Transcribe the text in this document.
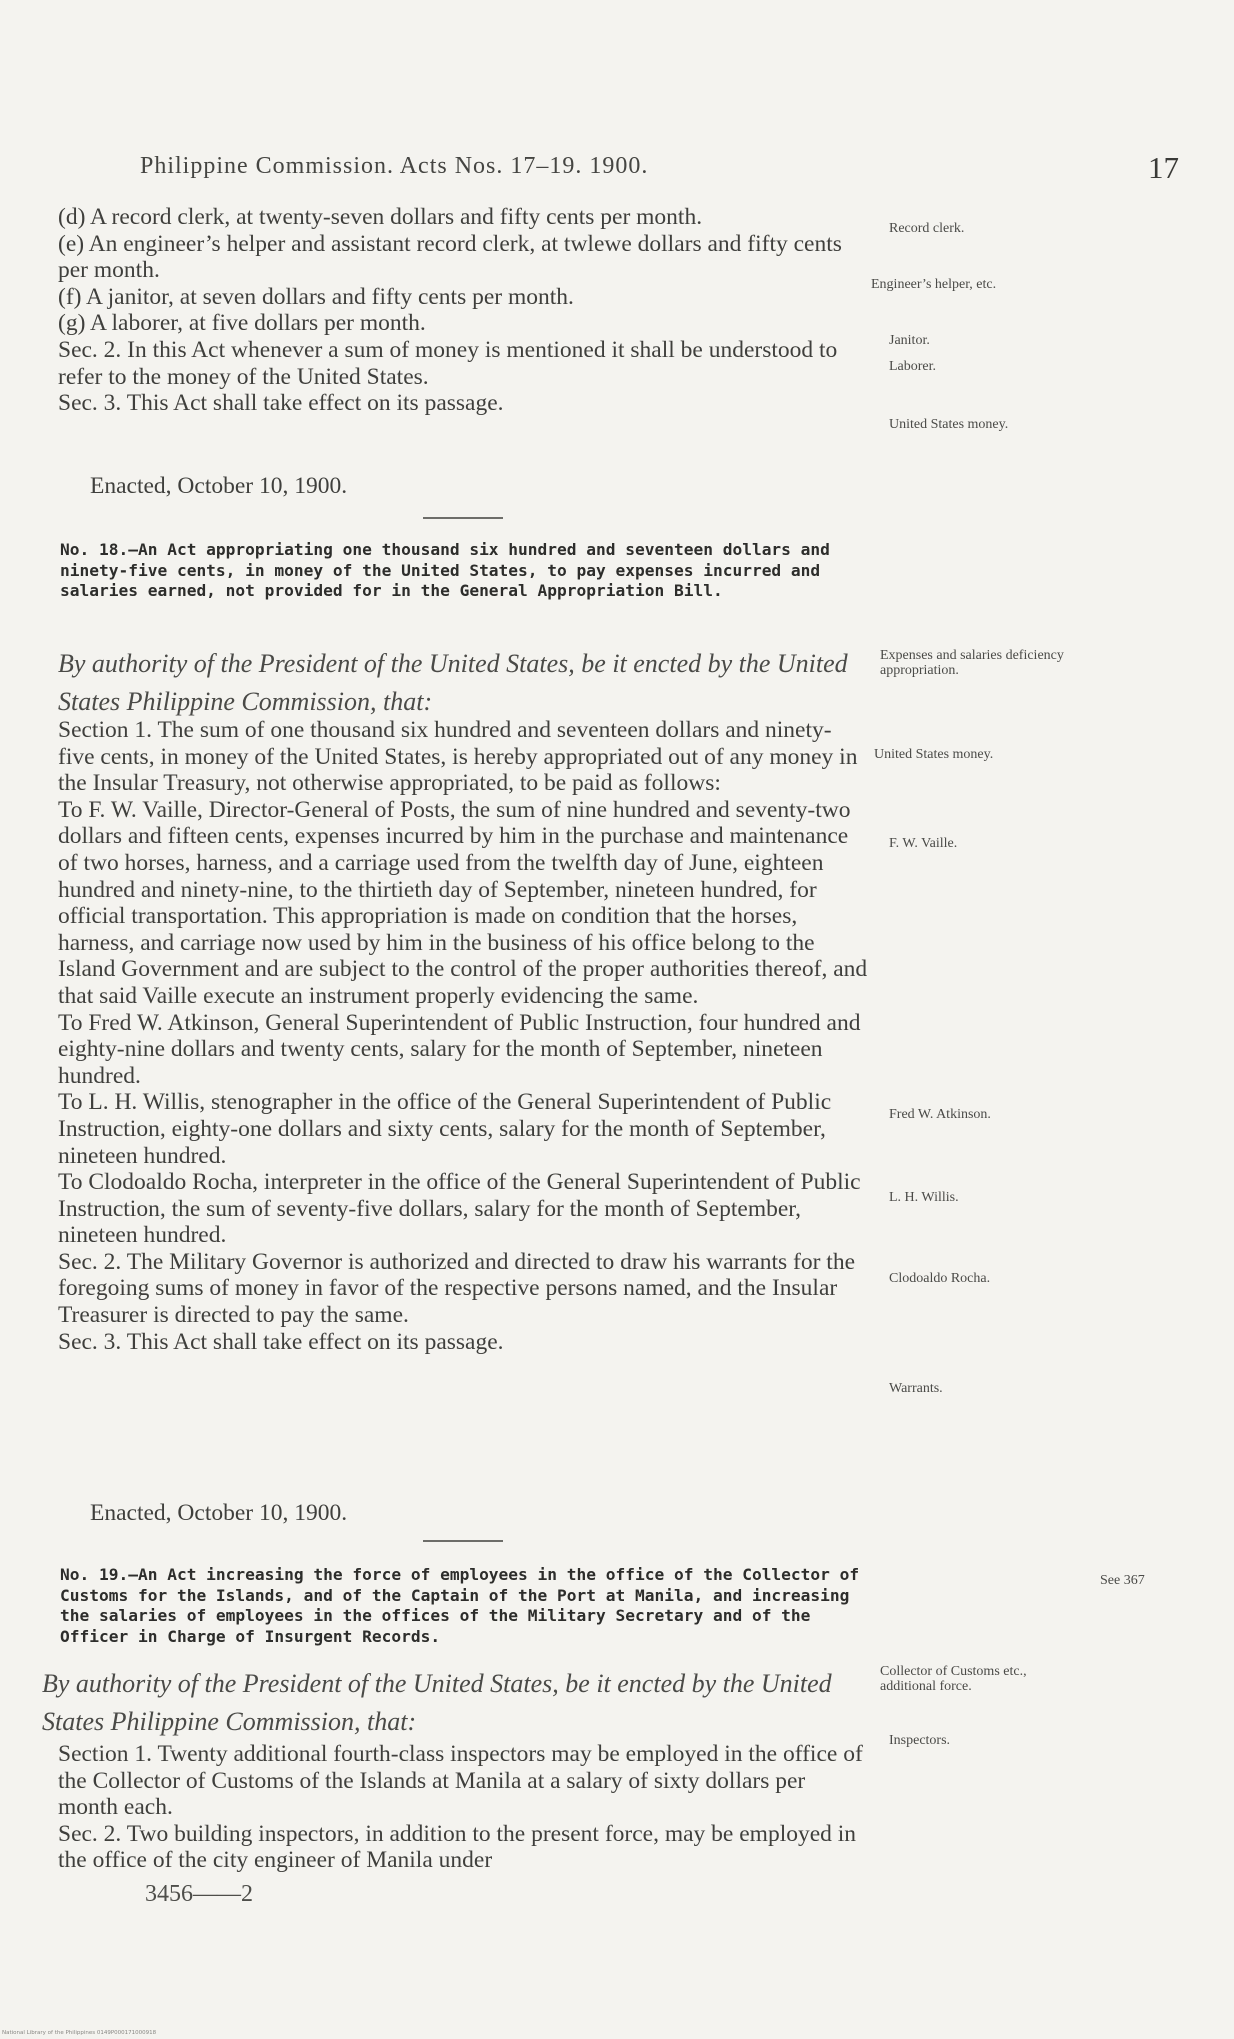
Philippine Commission. Acts Nos. 17–19. 1900.	17
(d) A record clerk, at twenty-seven dollars and fifty cents per month.
(e) An engineer’s helper and assistant record clerk, at twlewe dollars and fifty cents per month.
(f) A janitor, at seven dollars and fifty cents per month.
(g) A laborer, at five dollars per month.
Sec. 2. In this Act whenever a sum of money is mentioned it shall be understood to refer to the money of the United States.
Sec. 3. This Act shall take effect on its passage.
Enacted, October 10, 1900.
No. 18.—An Act appropriating one thousand six hundred and seventeen dollars and ninety-five cents, in money of the United States, to pay expenses incurred and salaries earned, not provided for in the General Appropriation Bill.
By authority of the President of the United States, be it encted by the United States Philippine Commission, that:
Section 1. The sum of one thousand six hundred and seventeen dollars and ninety-five cents, in money of the United States, is hereby appropriated out of any money in the Insular Treasury, not otherwise appropriated, to be paid as follows:
To F. W. Vaille, Director-General of Posts, the sum of nine hundred and seventy-two dollars and fifteen cents, expenses incurred by him in the purchase and maintenance of two horses, harness, and a carriage used from the twelfth day of June, eighteen hundred and ninety-nine, to the thirtieth day of September, nineteen hundred, for official transportation. This appropriation is made on condition that the horses, harness, and carriage now used by him in the business of his office belong to the Island Government and are subject to the control of the proper authorities thereof, and that said Vaille execute an instrument properly evidencing the same.
To Fred W. Atkinson, General Superintendent of Public Instruction, four hundred and eighty-nine dollars and twenty cents, salary for the month of September, nineteen hundred.
To L. H. Willis, stenographer in the office of the General Superintendent of Public Instruction, eighty-one dollars and sixty cents, salary for the month of September, nineteen hundred.
To Clodoaldo Rocha, interpreter in the office of the General Superintendent of Public Instruction, the sum of seventy-five dollars, salary for the month of September, nineteen hundred.
Sec. 2. The Military Governor is authorized and directed to draw his warrants for the foregoing sums of money in favor of the respective persons named, and the Insular Treasurer is directed to pay the same.
Sec. 3. This Act shall take effect on its passage.
Enacted, October 10, 1900.
No. 19.—An Act increasing the force of employees in the office of the Collector of Customs for the Islands, and of the Captain of the Port at Manila, and increasing the salaries of employees in the offices of the Military Secretary and of the Officer in Charge of Insurgent Records.
By authority of the President of the United States, be it encted by the United States Philippine Commission, that:
Section 1. Twenty additional fourth-class inspectors may be employed in the office of the Collector of Customs of the Islands at Manila at a salary of sixty dollars per month each.
Sec. 2. Two building inspectors, in addition to the present force, may be employed in the office of the city engineer of Manila under
Record clerk.
Engineer’s helper, etc.
Janitor.
Laborer.
United States money.
Expenses and salaries deficiency appropriation.
United States money.
F. W. Vaille.
Fred W. Atkinson.
L. H. Willis.
Clodoaldo Rocha.
Warrants.
See 367
Collector of Customs etc., additional force.
Inspectors.
3456——2
National Library of the Philippines 0149P000171000918
